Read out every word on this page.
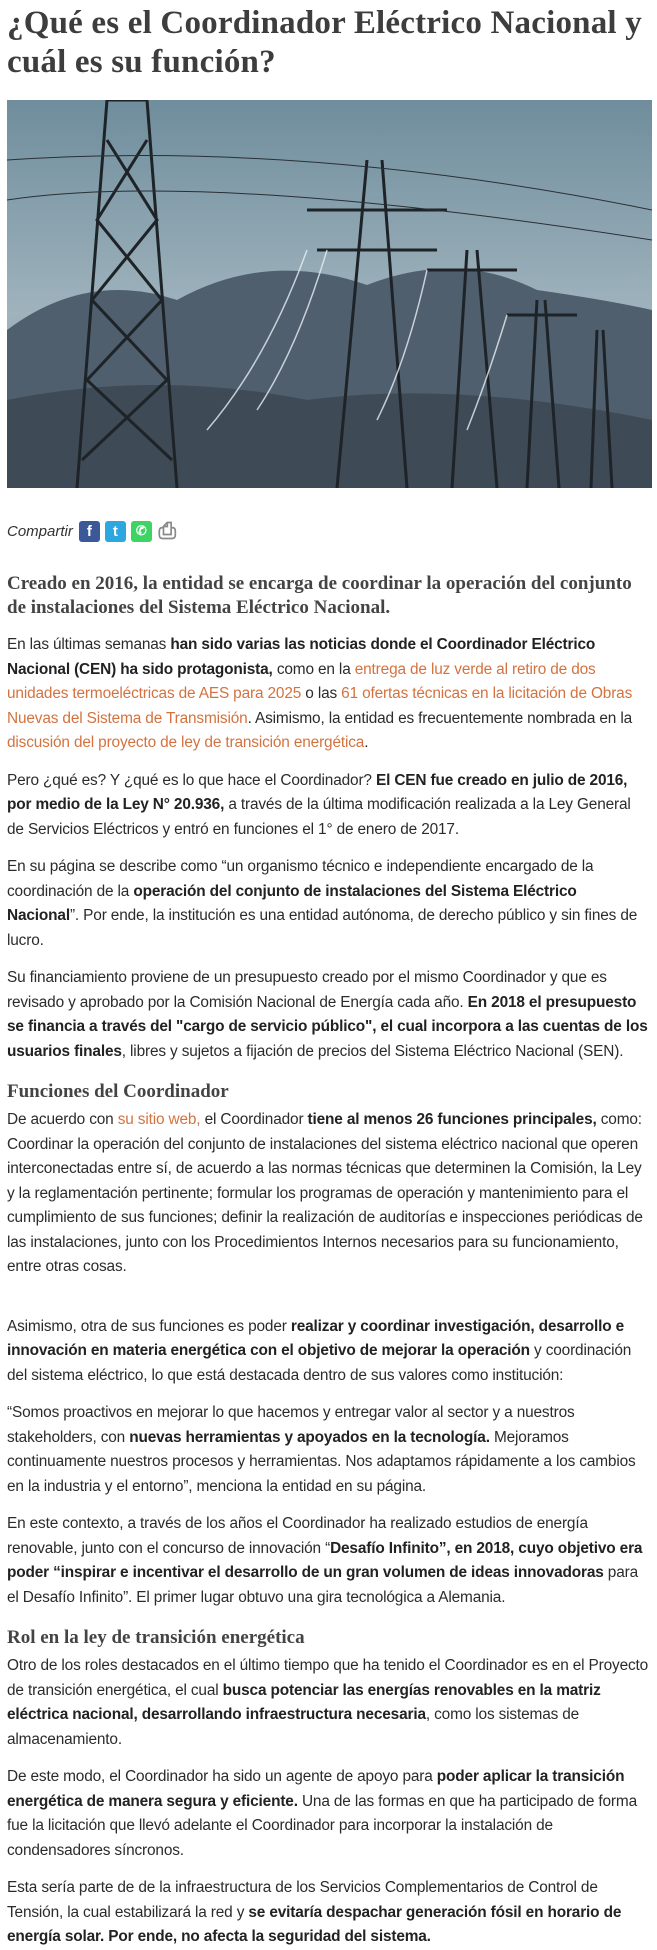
¿Qué es el Coordinador Eléctrico Nacional y cuál es su función?
Compartir f	t	✆ ⎙
Creado en 2016, la entidad se encarga de coordinar la operación del conjunto de instalaciones del Sistema Eléctrico Nacional.

En las últimas semanas han sido varias las noticias donde el Coordinador Eléctrico Nacional (CEN) ha sido protagonista, como en la entrega de luz verde al retiro de dos unidades termoeléctricas de AES para 2025 o las 61 ofertas técnicas en la licitación de Obras Nuevas del Sistema de Transmisión. Asimismo, la entidad es frecuentemente nombrada en la discusión del proyecto de ley de transición energética.

Pero ¿qué es? Y ¿qué es lo que hace el Coordinador? El CEN fue creado en julio de 2016, por medio de la Ley N° 20.936, a través de la última modificación realizada a la Ley General de Servicios Eléctricos y entró en funciones el 1° de enero de 2017.

En su página se describe como “un organismo técnico e independiente encargado de la coordinación de la operación del conjunto de instalaciones del Sistema Eléctrico Nacional”. Por ende, la institución es una entidad autónoma, de derecho público y sin fines de lucro.

Su financiamiento proviene de un presupuesto creado por el mismo Coordinador y que es revisado y aprobado por la Comisión Nacional de Energía cada año. En 2018 el presupuesto se financia a través del "cargo de servicio público", el cual incorpora a las cuentas de los usuarios finales, libres y sujetos a fijación de precios del Sistema Eléctrico Nacional (SEN).

Funciones del Coordinador

De acuerdo con su sitio web, el Coordinador tiene al menos 26 funciones principales, como: Coordinar la operación del conjunto de instalaciones del sistema eléctrico nacional que operen interconectadas entre sí, de acuerdo a las normas técnicas que determinen la Comisión, la Ley y la reglamentación pertinente; formular los programas de operación y mantenimiento para el cumplimiento de sus funciones; definir la realización de auditorías e inspecciones periódicas de las instalaciones, junto con los Procedimientos Internos necesarios para su funcionamiento, entre otras cosas.

Asimismo, otra de sus funciones es poder realizar y coordinar investigación, desarrollo e innovación en materia energética con el objetivo de mejorar la operación y coordinación del sistema eléctrico, lo que está destacada dentro de sus valores como institución:

“Somos proactivos en mejorar lo que hacemos y entregar valor al sector y a nuestros stakeholders, con nuevas herramientas y apoyados en la tecnología. Mejoramos continuamente nuestros procesos y herramientas. Nos adaptamos rápidamente a los cambios en la industria y el entorno”, menciona la entidad en su página.

En este contexto, a través de los años el Coordinador ha realizado estudios de energía renovable, junto con el concurso de innovación “Desafío Infinito”, en 2018, cuyo objetivo era poder “inspirar e incentivar el desarrollo de un gran volumen de ideas innovadoras para el Desafío Infinito”. El primer lugar obtuvo una gira tecnológica a Alemania.

Rol en la ley de transición energética

Otro de los roles destacados en el último tiempo que ha tenido el Coordinador es en el Proyecto de transición energética, el cual busca potenciar las energías renovables en la matriz eléctrica nacional, desarrollando infraestructura necesaria, como los sistemas de almacenamiento.

De este modo, el Coordinador ha sido un agente de apoyo para poder aplicar la transición energética de manera segura y eficiente. Una de las formas en que ha participado de forma fue la licitación que llevó adelante el Coordinador para incorporar la instalación de condensadores síncronos.

Esta sería parte de de la infraestructura de los Servicios Complementarios de Control de Tensión, la cual estabilizará la red y se evitaría despachar generación fósil en horario de energía solar. Por ende, no afecta la seguridad del sistema.
